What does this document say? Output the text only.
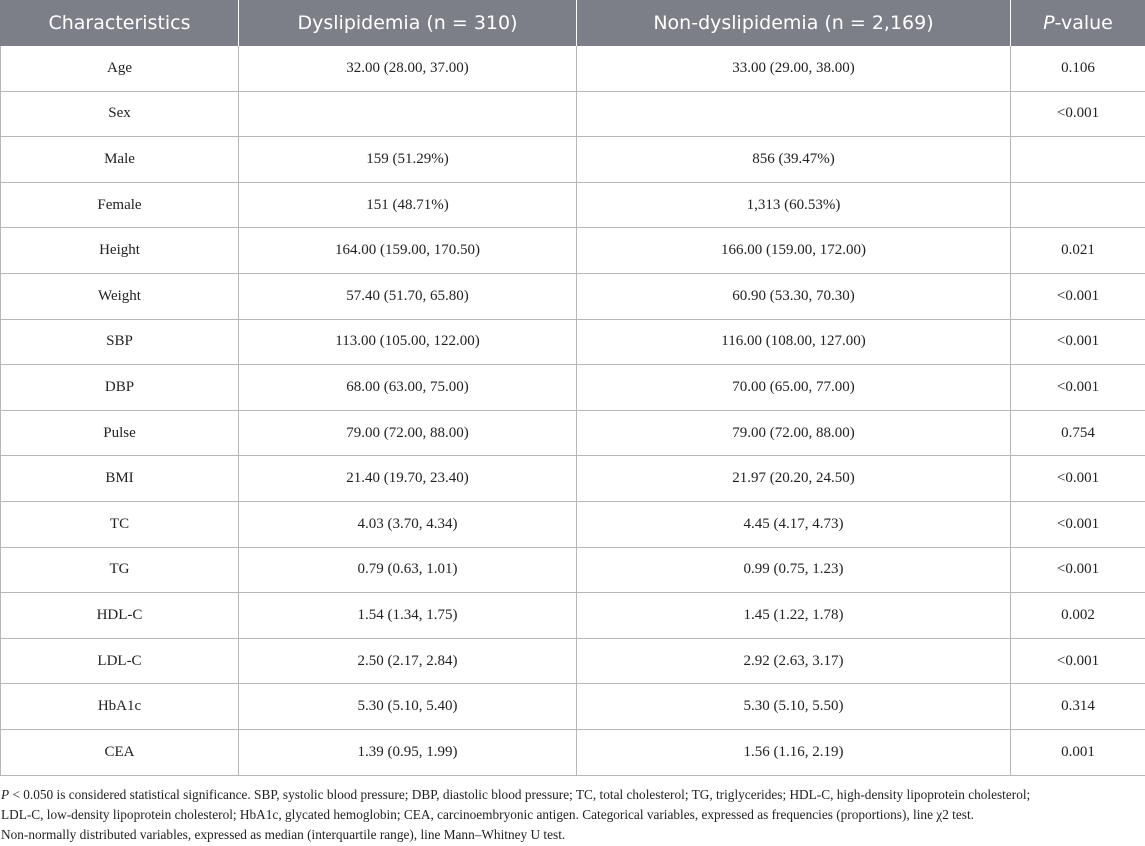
Characteristics	Dyslipidemia (n = 310)	Non-dyslipidemia (n = 2,169)	P-value
Age	32.00 (28.00, 37.00)	33.00 (29.00, 38.00)	0.106
Sex			<0.001
Male	159 (51.29%)	856 (39.47%)	
Female	151 (48.71%)	1,313 (60.53%)	
Height	164.00 (159.00, 170.50)	166.00 (159.00, 172.00)	0.021
Weight	57.40 (51.70, 65.80)	60.90 (53.30, 70.30)	<0.001
SBP	113.00 (105.00, 122.00)	116.00 (108.00, 127.00)	<0.001
DBP	68.00 (63.00, 75.00)	70.00 (65.00, 77.00)	<0.001
Pulse	79.00 (72.00, 88.00)	79.00 (72.00, 88.00)	0.754
BMI	21.40 (19.70, 23.40)	21.97 (20.20, 24.50)	<0.001
TC	4.03 (3.70, 4.34)	4.45 (4.17, 4.73)	<0.001
TG	0.79 (0.63, 1.01)	0.99 (0.75, 1.23)	<0.001
HDL-C	1.54 (1.34, 1.75)	1.45 (1.22, 1.78)	0.002
LDL-C	2.50 (2.17, 2.84)	2.92 (2.63, 3.17)	<0.001
HbA1c	5.30 (5.10, 5.40)	5.30 (5.10, 5.50)	0.314
CEA	1.39 (0.95, 1.99)	1.56 (1.16, 2.19)	0.001

P < 0.050 is considered statistical significance. SBP, systolic blood pressure; DBP, diastolic blood pressure; TC, total cholesterol; TG, triglycerides; HDL-C, high-density lipoprotein cholesterol;

LDL-C, low-density lipoprotein cholesterol; HbA1c, glycated hemoglobin; CEA, carcinoembryonic antigen. Categorical variables, expressed as frequencies (proportions), line χ2 test.

Non-normally distributed variables, expressed as median (interquartile range), line Mann–Whitney U test.
